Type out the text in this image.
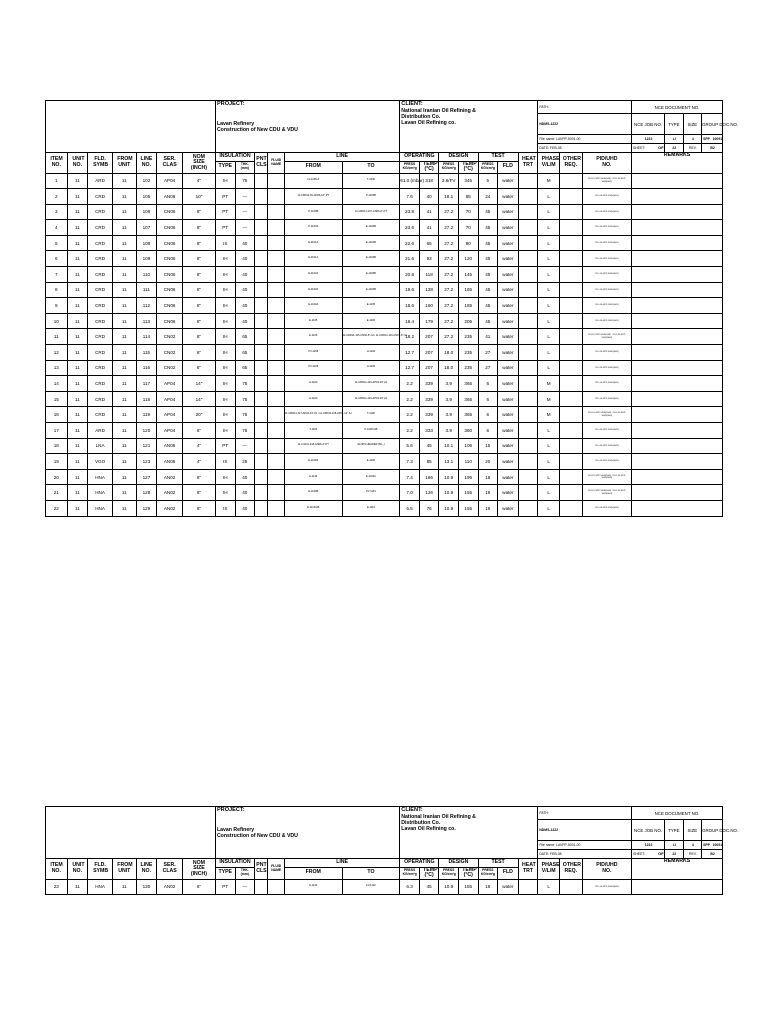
							PROJECT:
Lavan Refinery
Construction of New CDU & VDU						CLIENT:
National Iranian Oil Refining &
Distribution Co.
Lavan Oil Refining co.							PATH:			NCE DOCUMENT NO.			
																				NDMS-1222			NCE JOB NO.	TYPE	SIZE	GROUP DOC.NO.
																				File name: LAVPP-5001-00			1222	LI	4	SPP 10091
																				DATE: FEB-08			SHEET: OF	22	REV.	B2

ITEM NO.	UNIT NO.	FLD. SYMB	FROM UNIT	LINE NO.	SER. CLAS	NOM SIZE (INCH)	INSULATION		PNT CLS	FLUID NAME	LINE		OPERATING		DESIGN		TEST		HEAT TRT	PHASE V/L/M	OTHER REQ.	PID/UHD NO.	REMARKS			
							TYPE	THK. (mm)																		

											FROM	TO	PRESS KG/cm²g	TEMP (°C)	PRESS KG/cm²g	TEMP (°C)	PRESS KG/cm²g	FLD								
1	11	ARD	11	102	AP04	4"	IH	75			LV-1108-A	T-1200	61.0 (mbar)	318	3.6/FV	345	5	water		M		11LI-DI-SPP-5005(SH1) / 11LI-DI-SPP-5006(SH1)				
2	11	CRD	11	105	AN06	10"	PT	—			11-CRD11-81-AN06-10"-PT	P-1100B	7.6	40	18.1	65	24	water		L		11LI-DI-SPP-5005(SH1)				
3	11	CRD	11	106	CN06	8"	PT	—			P-1100B	11-CRD11-107-CN06-8"-PT	23.8	41	27.2	70	45	water		L		11LI-DI-SPP-5005(SH1)				
4	11	CRD	11	107	CN06	8"	PT	—			P-1100A	E-1100B	23.6	41	27.2	70	45	water		L		11LI-DI-SPP-5005(SH1)				
5	11	CRD	11	108	CN06	8"	IS	40			E-1101A	E-1101B	22.6	65	27.2	90	45	water		L		11LI-DI-SPP-5005(SH1)				
6	11	CRD	11	109	CN06	8"	IH	40			E-1101A	E-1102B	21.6	93	27.2	120	45	water		L		11LI-DI-SPP-5005(SH1)				
7	11	CRD	11	110	CN06	8"	IH	40			E-1102A	E-1103B	20.6	118	27.2	145	45	water		L		11LI-DI-SPP-5005(SH1)				
8	11	CRD	11	111	CN06	8"	IH	40			E-1103A	E-1104B	19.6	138	27.2	165	45	water		L		11LI-DI-SPP-5005(SH1)				
9	11	CRD	11	112	CN06	8"	IH	40			E-1104A	E-1105	18.6	160	27.2	185	45	water		L		11LI-DI-SPP-5005(SH1)				
10	11	CRD	11	113	CN06	8"	IH	40			E-1105	E-1106	18.4	179	27.2	205	45	water		L		11LI-DI-SPP-5005(SH1)				
11	11	CRD	11	114	CN02	8"	IH	65			E-1106	11-CRD11-115-CN02-8"-IH / 11-CRD11-116-CN02-8"-IH	18.2	207	27.2	235	41	water		L		11LI-DI-SPP-5005(SH1) / 11LI-DI-SPP-5005(SH2)				
12	11	CRD	11	115	CN02	6"	IH	65			PV-1198	H-1100	12.7	207	18.0	235	27	water		L		11LI-DI-SPP-5005(SH2)				
13	11	CRD	11	116	CN02	6"	IH	65			PV-1199	H-1100	12.7	207	18.0	235	27	water		L		11LI-DI-SPP-5005(SH2)				
14	11	CRD	11	117	AP04	14"	IH	75			H-1100	11-CRD11-119-AP04-20"-IH	2.2	339	3.9	365	6	water		M		11LI-DI-SPP-5005(SH2)				
15	11	CRD	11	118	AP04	14"	IH	75			H-1100	11-CRD11-119-AP04-20"-IH	2.2	339	3.9	365	6	water		M		11LI-DI-SPP-5005(SH2)				
16	11	CRD	11	119	AP04	20"	IH	75			11-CRD11-117-AP04-14"-IH / 11-CRD11-118-AP04-14"-IH	T-1100	2.2	339	3.9	365	6	water		M		11LI-DI-SPP-5005(SH2) / 11LI-DI-SPP-5005(SH3)				
17	11	ARD	11	120	AP04	6"	IH	75			T-1100	P-1108 A/B	2.2	333	3.9	360	6	water		L		11LI-DI-SPP-5005(SH3)				
18	11	LNA	11	121	AN06	4"	PT	—			11-LNA11-218-AN06-4"-PT	SLOPS HEADER (B.L.)	5.6	45	10.1	105	15	water		L		11LI-DI-SPP-5005(SH3)				
19	11	VGO	11	123	AN06	4"	IS	25			E-1101B	E-1200	7.3	85	13.1	110	20	water		L		11LI-DI-SPP-5005(SH3)				
20	11	HNA	11	127	AN02	6"	IH	40			E-1116	E-1103A	7.4	166	10.9	195	16	water		L		11LI-DI-SPP-5005(SH3) / 11LI-DI-SPP-5005(SH3)				
21	11	HNA	11	128	AN02	6"	IH	40			E-1103B	PV-1161	7.0	126	10.9	155	16	water		L		11LI-DI-SPP-5005(SH3) / 11LI-DI-SPP-5005(SH3)				
22	11	HNA	11	129	AN02	6"	IS	40			E-1113A/B	E-1112	6.5	76	10.9	155	16	water		L		11LI-DI-SPP-5005(SH3)				

							PROJECT:
Lavan Refinery
Construction of New CDU & VDU						CLIENT:
National Iranian Oil Refining &
Distribution Co.
Lavan Oil Refining co.							PATH:			NCE DOCUMENT NO.			
																				NDMS-1222			NCE JOB NO.	TYPE	SIZE	GROUP DOC.NO.
																				File name: LAVPP-5001-00			1222	LI	4	SPP 10091
																				DATE: FEB-08			SHEET: OF	22	REV.	B2

ITEM NO.	UNIT NO.	FLD. SYMB	FROM UNIT	LINE NO.	SER. CLAS	NOM SIZE (INCH)	INSULATION		PNT CLS	FLUID NAME	LINE		OPERATING		DESIGN		TEST		HEAT TRT	PHASE V/L/M	OTHER REQ.	PID/UHD NO.	REMARKS			
							TYPE	THK. (mm)																		

											FROM	TO	PRESS KG/cm²g	TEMP (°C)	PRESS KG/cm²g	TEMP (°C)	PRESS KG/cm²g	FLD								
23	11	HNA	11	130	AN02	6"	PT	—			E-1112	FV-1132	6.3	45	10.9	155	16	water		L		11LI-DI-SPP-5005(SH3)				
